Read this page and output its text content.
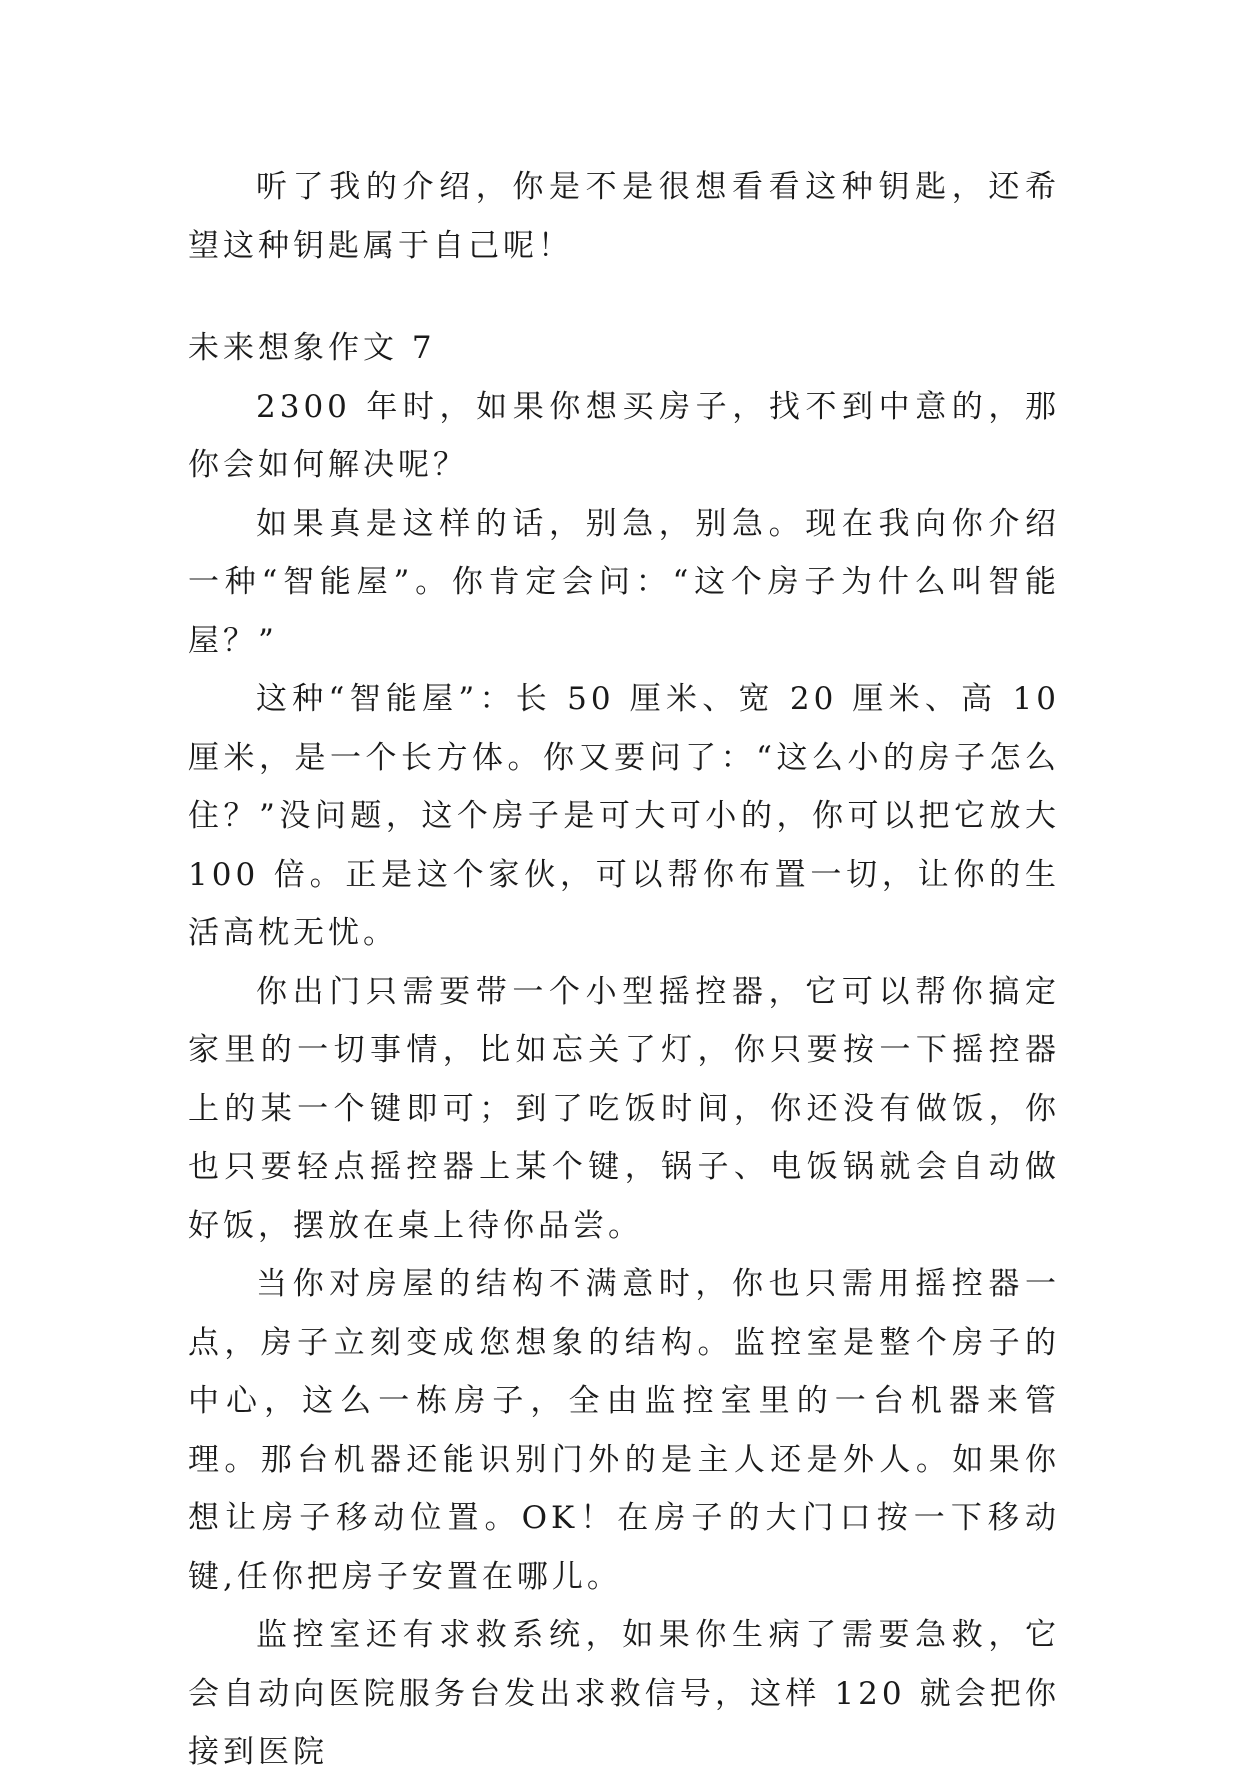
听了我的介绍，你是不是很想看看这种钥匙，还希望这种钥匙属于自己呢！

未来想象作文 7

2300 年时，如果你想买房子，找不到中意的，那你会如何解决呢？

如果真是这样的话，别急，别急。现在我向你介绍一种“智能屋”。你肯定会问：“这个房子为什么叫智能屋？”

这种“智能屋”：长 50 厘米、宽 20 厘米、高 10 厘米，是一个长方体。你又要问了：“这么小的房子怎么住？”没问题，这个房子是可大可小的，你可以把它放大 100 倍。正是这个家伙，可以帮你布置一切，让你的生活高枕无忧。

你出门只需要带一个小型摇控器，它可以帮你搞定家里的一切事情，比如忘关了灯，你只要按一下摇控器上的某一个键即可；到了吃饭时间，你还没有做饭，你也只要轻点摇控器上某个键，锅子、电饭锅就会自动做好饭，摆放在桌上待你品尝。

当你对房屋的结构不满意时，你也只需用摇控器一点，房子立刻变成您想象的结构。监控室是整个房子的中心，这么一栋房子，全由监控室里的一台机器来管理。那台机器还能识别门外的是主人还是外人。如果你想让房子移动位置。OK！在房子的大门口按一下移动键,任你把房子安置在哪儿。

监控室还有求救系统，如果你生病了需要急救，它会自动向医院服务台发出求救信号，这样 120 就会把你接到医院
